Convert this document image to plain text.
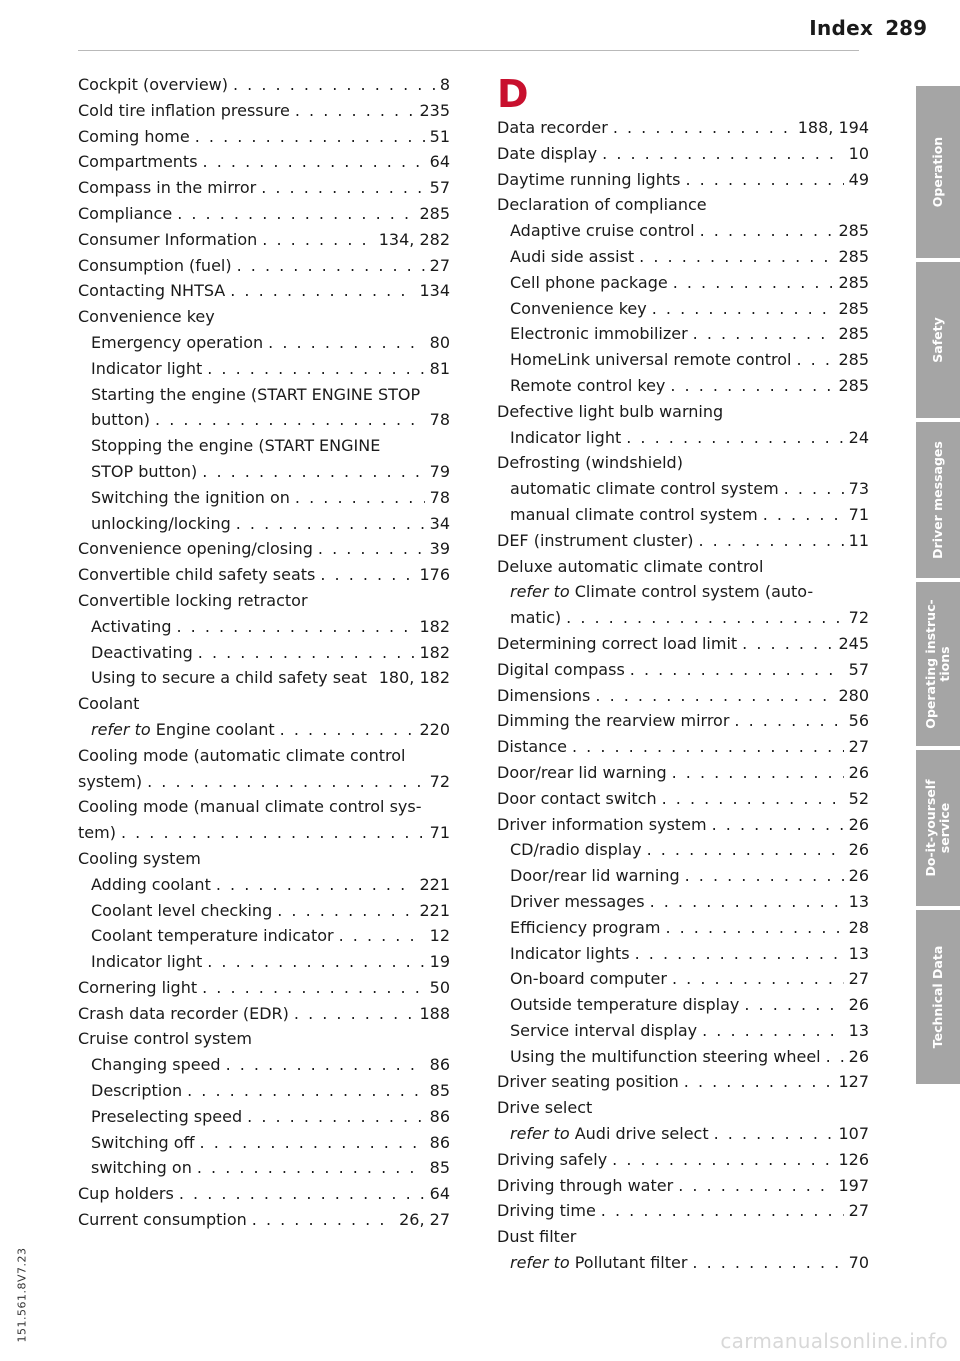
Index 289
Cockpit (overview) . . .	8
Cold tire inflation pressure . . .	235
Coming home . . .	51
Compartments . . .	64
Compass in the mirror . . .	57
Compliance . . .	285
Consumer Information . . .	134, 282
Consumption (fuel) . . .	27
Contacting NHTSA . . .	134
Convenience key
Emergency operation . . .	80
Indicator light . . .	81
Starting the engine (START ENGINE STOP
button) . . .	78
Stopping the engine (START ENGINE
STOP button) . . .	79
Switching the ignition on . . .	78
unlocking/locking . . .	34
Convenience opening/closing . . .	39
Convertible child safety seats . . .	176
Convertible locking retractor
Activating . . .	182
Deactivating . . .	182
Using to secure a child safety seat 180, 182
Coolant
refer to Engine coolant . . .	220
Cooling mode (automatic climate control
system) . . .	72
Cooling mode (manual climate control sys-
tem) . . .	71
Cooling system
Adding coolant . . .	221
Coolant level checking . . .	221
Coolant temperature indicator . . .	12
Indicator light . . .	19
Cornering light . . .	50
Crash data recorder (EDR) . . .	188
Cruise control system
Changing speed . . .	86
Description . . .	85
Preselecting speed . . .	86
Switching off . . .	86
switching on . . .	85
Cup holders . . .	64
Current consumption . . .	26, 27
D
Data recorder . . .	188, 194
Date display . . .	10
Daytime running lights . . .	49
Declaration of compliance
Adaptive cruise control . . .	285
Audi side assist . . .	285
Cell phone package . . .	285
Convenience key . . .	285
Electronic immobilizer . . .	285
HomeLink universal remote control . . .	285
Remote control key . . .	285
Defective light bulb warning
Indicator light . . .	24
Defrosting (windshield)
automatic climate control system . . .	73
manual climate control system . . .	71
DEF (instrument cluster) . . .	11
Deluxe automatic climate control
refer to Climate control system (auto-
matic) . . .	72
Determining correct load limit . . .	245
Digital compass . . .	57
Dimensions . . .	280
Dimming the rearview mirror . . .	56
Distance . . .	27
Door/rear lid warning . . .	26
Door contact switch . . .	52
Driver information system . . .	26
CD/radio display . . .	26
Door/rear lid warning . . .	26
Driver messages . . .	13
Efficiency program . . .	28
Indicator lights . . .	13
On-board computer . . .	27
Outside temperature display . . .	26
Service interval display . . .	13
Using the multifunction steering wheel . . . 26
Driver seating position . . .	127
Drive select
refer to Audi drive select . . .	107
Driving safely . . .	126
Driving through water . . .	197
Driving time . . .	27
Dust filter
refer to Pollutant filter . . .	70
Operation
Safety
Driver messages
Operating instruc-
tions
Do-it-yourself
service
Technical Data
151.561.8V7.23	carmanualsonline.info
